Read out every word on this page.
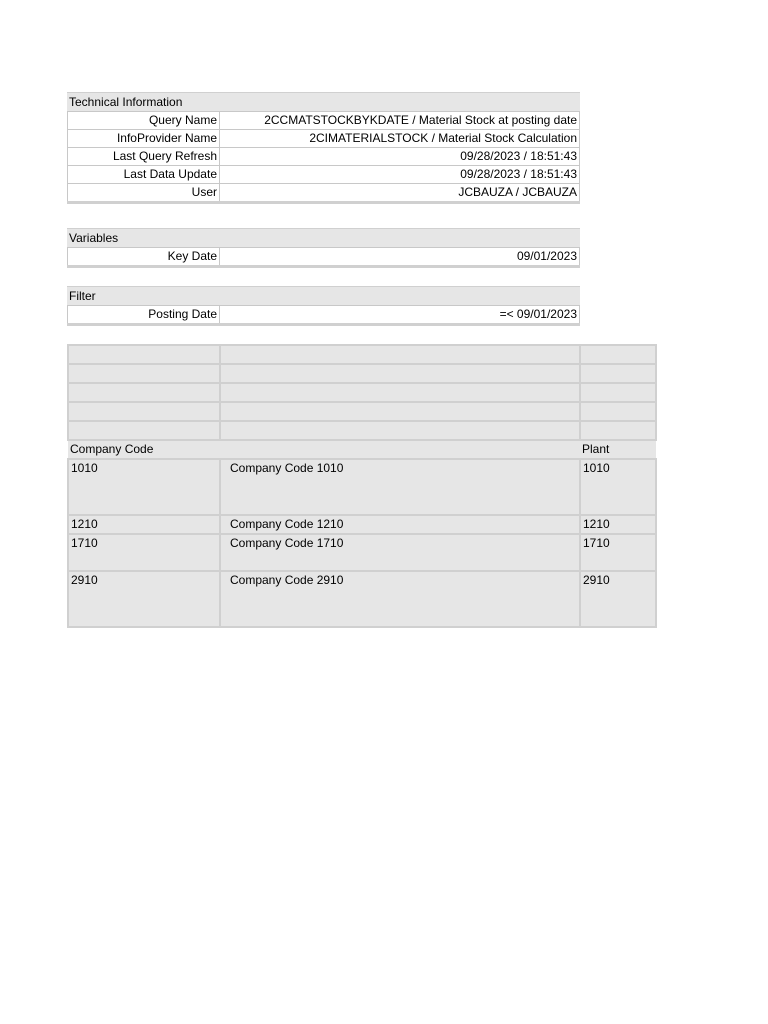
Technical Information
Query Name	2CCMATSTOCKBYKDATE / Material Stock at posting date
InfoProvider Name	2CIMATERIALSTOCK / Material Stock Calculation
Last Query Refresh	09/28/2023 / 18:51:43
Last Data Update	09/28/2023 / 18:51:43
User	JCBAUZA / JCBAUZA
Variables
Key Date	09/01/2023
Filter
Posting Date	=< 09/01/2023

Company Code		Plant
1010	Company Code 1010	1010
1210	Company Code 1210	1210
1710	Company Code 1710	1710
2910	Company Code 2910	2910
